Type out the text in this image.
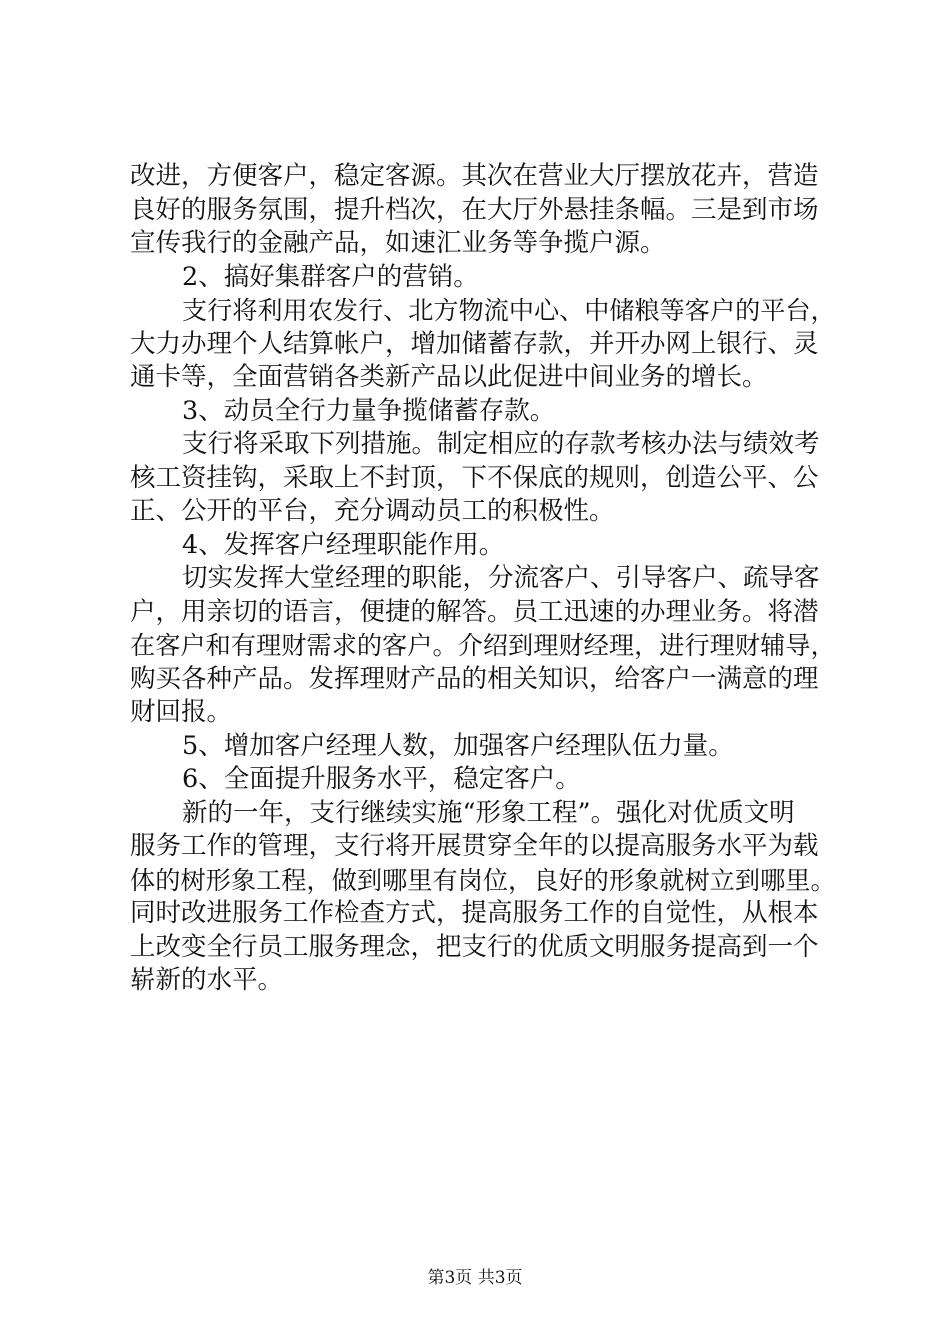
改进，方便客户，稳定客源。其次在营业大厅摆放花卉，营造
良好的服务氛围，提升档次，在大厅外悬挂条幅。三是到市场
宣传我行的金融产品，如速汇业务等争揽户源。
2、搞好集群客户的营销。
支行将利用农发行、北方物流中心、中储粮等客户的平台，
大力办理个人结算帐户，增加储蓄存款，并开办网上银行、灵
通卡等，全面营销各类新产品以此促进中间业务的增长。
3、动员全行力量争揽储蓄存款。
支行将采取下列措施。制定相应的存款考核办法与绩效考
核工资挂钩，采取上不封顶，下不保底的规则，创造公平、公
正、公开的平台，充分调动员工的积极性。
4、发挥客户经理职能作用。
切实发挥大堂经理的职能，分流客户、引导客户、疏导客
户，用亲切的语言，便捷的解答。员工迅速的办理业务。将潜
在客户和有理财需求的客户。介绍到理财经理，进行理财辅导，
购买各种产品。发挥理财产品的相关知识，给客户一满意的理
财回报。
5、增加客户经理人数，加强客户经理队伍力量。
6、全面提升服务水平，稳定客户。
新的一年，支行继续实施“形象工程”。强化对优质文明
服务工作的管理，支行将开展贯穿全年的以提高服务水平为载
体的树形象工程，做到哪里有岗位，良好的形象就树立到哪里。
同时改进服务工作检查方式，提高服务工作的自觉性，从根本
上改变全行员工服务理念，把支行的优质文明服务提高到一个
崭新的水平。
第3页 共3页
